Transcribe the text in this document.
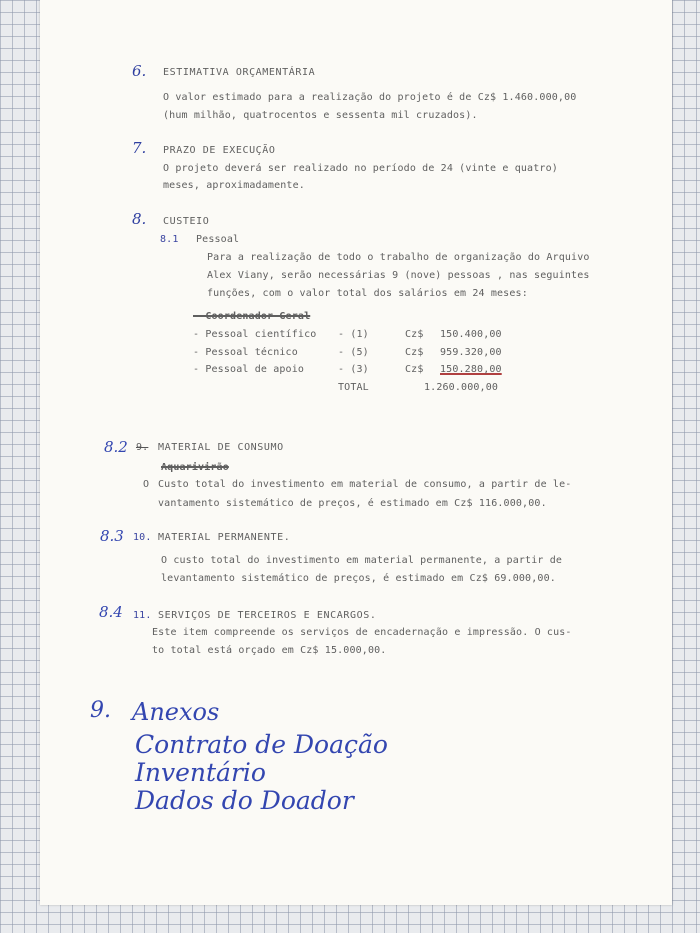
6. ESTIMATIVA ORÇAMENTÁRIA
O valor estimado para a realização do projeto é de Cz$ 1.460.000,00
(hum milhão, quatrocentos e sessenta mil cruzados).
7. PRAZO DE EXECUÇÃO
O projeto deverá ser realizado no período de 24 (vinte e quatro)
meses, aproximadamente.
8. CUSTEIO
8.1 Pessoal
Para a realização de todo o trabalho de organização do Arquivo
Alex Viany, serão necessárias 9 (nove) pessoas , nas seguintes
funções, com o valor total dos salários em 24 meses:
- Coordenador Geral
- Pessoal científico - (1)	Cz$ 150.400,00
- Pessoal técnico	- (5)	Cz$ 959.320,00
- Pessoal de apoio	- (3)	Cz$ 150.280,00
TOTAL	1.260.000,00
8.2 9. MATERIAL DE CONSUMO
Aquarivirão
O Custo total do investimento em material de consumo, a partir de le-
vantamento sistemático de preços, é estimado em Cz$ 116.000,00.
8.3 10. MATERIAL PERMANENTE.
O custo total do investimento em material permanente, a partir de
levantamento sistemático de preços, é estimado em Cz$ 69.000,00.
8.4 11. SERVIÇOS DE TERCEIROS E ENCARGOS.
Este item compreende os serviços de encadernação e impressão. O cus-
to total está orçado em Cz$ 15.000,00.
9. Anexos
Contrato de Doação
Inventário
Dados do Doador
